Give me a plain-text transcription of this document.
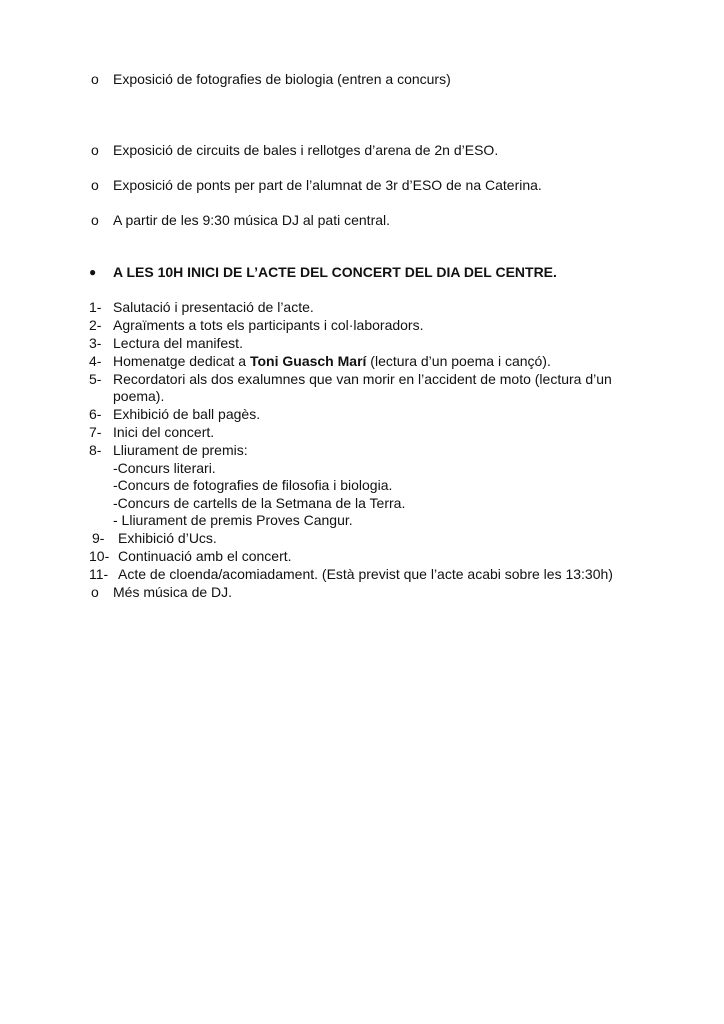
o Exposició de fotografies de biologia (entren a concurs)
o Exposició de circuits de bales i rellotges d’arena de 2n d’ESO.
o Exposició de ponts per part de l’alumnat de 3r d’ESO de na Caterina.
o A partir de les 9:30 música DJ al pati central.
● A LES 10H INICI DE L’ACTE DEL CONCERT DEL DIA DEL CENTRE.
1- Salutació i presentació de l’acte.
2- Agraïments a tots els participants i col·laboradors.
3- Lectura del manifest.
4- Homenatge dedicat a Toni Guasch Marí (lectura d’un poema i cançó).
5- Recordatori als dos exalumnes que van morir en l’accident de moto (lectura d’un
poema).
6- Exhibició de ball pagès.
7- Inici del concert.
8- Lliurament de premis:
-Concurs literari.
-Concurs de fotografies de filosofia i biologia.
-Concurs de cartells de la Setmana de la Terra.
- Lliurament de premis Proves Cangur.
9- Exhibició d’Ucs.
10- Continuació amb el concert.
11- Acte de cloenda/acomiadament. (Està previst que l’acte acabi sobre les 13:30h)
o Més música de DJ.
